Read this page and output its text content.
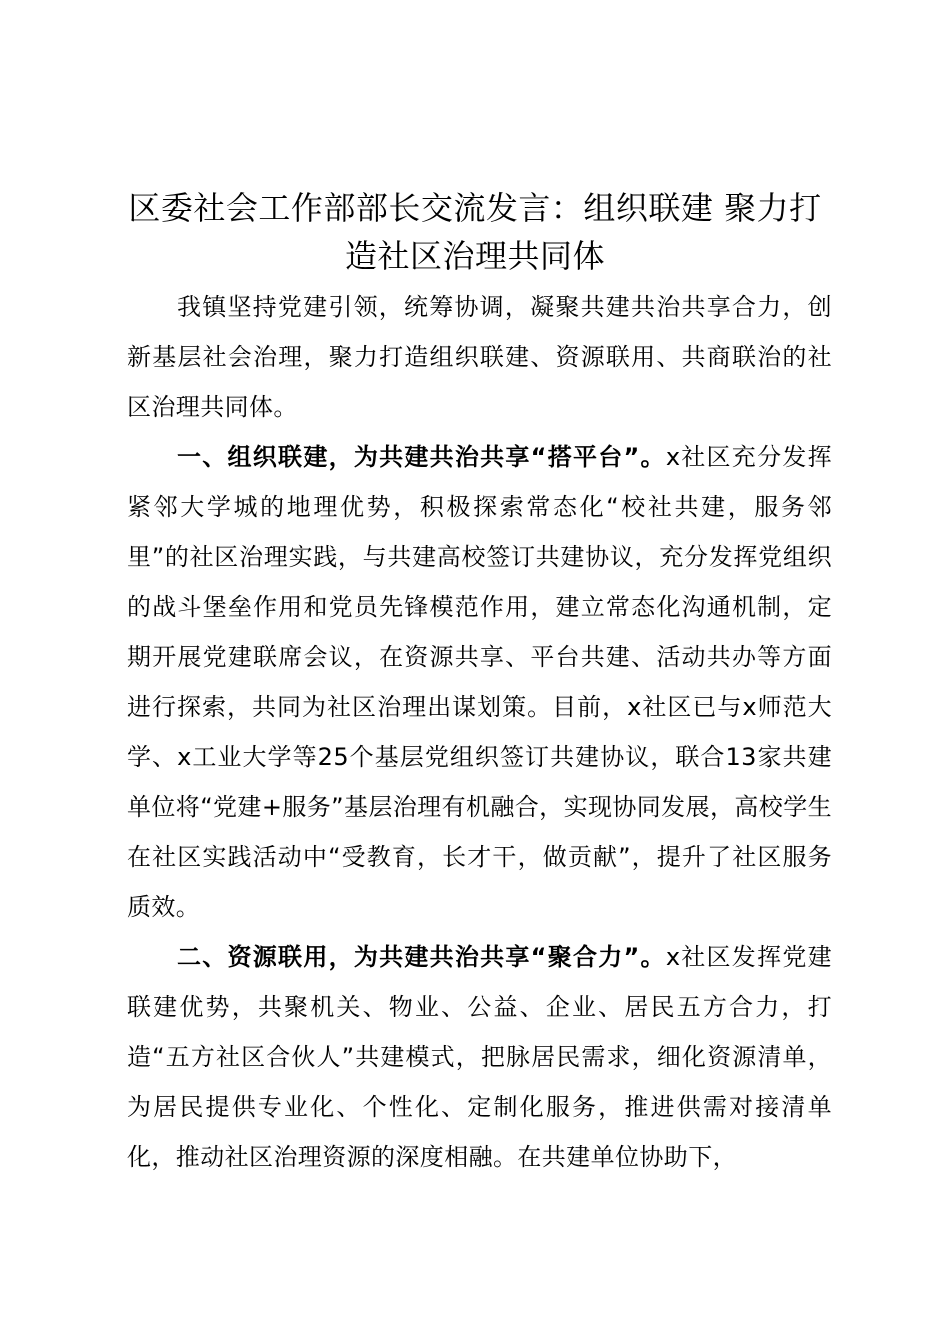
区委社会工作部部长交流发言：组织联建 聚力打造社区治理共同体

我镇坚持党建引领，统筹协调，凝聚共建共治共享合力，创新基层社会治理，聚力打造组织联建、资源联用、共商联治的社区治理共同体。

一、组织联建，为共建共治共享“搭平台”。x社区充分发挥紧邻大学城的地理优势，积极探索常态化“校社共建，服务邻里”的社区治理实践，与共建高校签订共建协议，充分发挥党组织的战斗堡垒作用和党员先锋模范作用，建立常态化沟通机制，定期开展党建联席会议，在资源共享、平台共建、活动共办等方面进行探索，共同为社区治理出谋划策。目前，x社区已与x师范大学、x工业大学等25个基层党组织签订共建协议，联合13家共建单位将“党建+服务”基层治理有机融合，实现协同发展，高校学生在社区实践活动中“受教育，长才干，做贡献”，提升了社区服务质效。

二、资源联用，为共建共治共享“聚合力”。x社区发挥党建联建优势，共聚机关、物业、公益、企业、居民五方合力，打造“五方社区合伙人”共建模式，把脉居民需求，细化资源清单，为居民提供专业化、个性化、定制化服务，推进供需对接清单化，推动社区治理资源的深度相融。在共建单位协助下，
